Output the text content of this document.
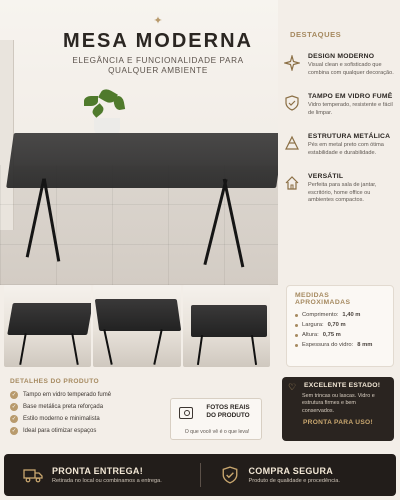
✦
MESA MODERNA
ELEGÂNCIA E FUNCIONALIDADE PARA
QUALQUER AMBIENTE
DESTAQUES
DESIGN MODERNO
Visual clean e sofisticado que combina com qualquer decoração.
TAMPO EM VIDRO FUMÊ
Vidro temperado, resistente e fácil de limpar.
ESTRUTURA METÁLICA
Pés em metal preto com ótima estabilidade e durabilidade.
VERSÁTIL
Perfeita para sala de jantar, escritório, home office ou ambientes compactos.
MEDIDAS APROXIMADAS
Comprimento: 1,40 m
Largura: 0,70 m
Altura: 0,75 m
Espessura do vidro: 8 mm
DETALHES DO PRODUTO
✓ Tampo em vidro temperado fumê
✓ Base metálica preta reforçada
✓ Estilo moderno e minimalista
✓ Ideal para otimizar espaços
FOTOS REAIS
DO PRODUTO
O que você vê é o que leva!
♡ EXCELENTE ESTADO!
Sem trincas ou lascas. Vidro e estrutura firmes e bem conservados.
PRONTA PARA USO!
PRONTA ENTREGA!
Retirada no local ou combinamos a entrega.
COMPRA SEGURA
Produto de qualidade e procedência.
